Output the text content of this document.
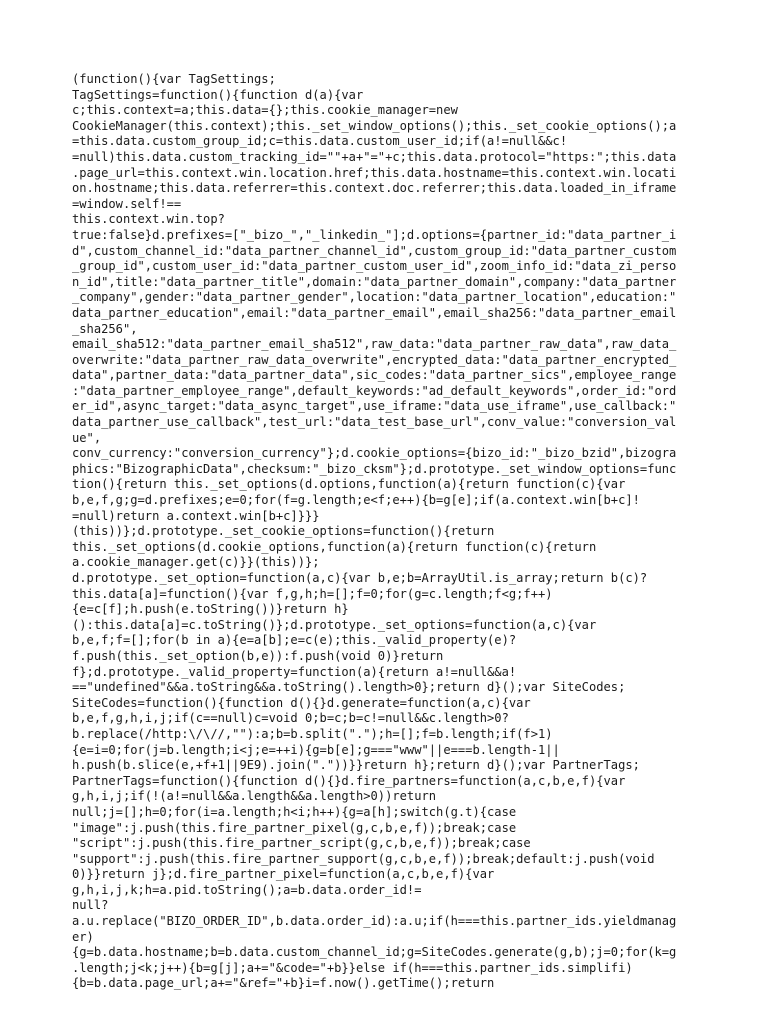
(function(){var TagSettings;
TagSettings=function(){function d(a){var
c;this.context=a;this.data={};this.cookie_manager=new
CookieManager(this.context);this._set_window_options();this._set_cookie_options();a
=this.data.custom_group_id;c=this.data.custom_user_id;if(a!=null&&c!
=null)this.data.custom_tracking_id=""+a+"="+c;this.data.protocol="https:";this.data
.page_url=this.context.win.location.href;this.data.hostname=this.context.win.locati
on.hostname;this.data.referrer=this.context.doc.referrer;this.data.loaded_in_iframe
=window.self!==
this.context.win.top?
true:false}d.prefixes=["_bizo_","_linkedin_"];d.options={partner_id:"data_partner_i
d",custom_channel_id:"data_partner_channel_id",custom_group_id:"data_partner_custom
_group_id",custom_user_id:"data_partner_custom_user_id",zoom_info_id:"data_zi_perso
n_id",title:"data_partner_title",domain:"data_partner_domain",company:"data_partner
_company",gender:"data_partner_gender",location:"data_partner_location",education:"
data_partner_education",email:"data_partner_email",email_sha256:"data_partner_email
_sha256",
email_sha512:"data_partner_email_sha512",raw_data:"data_partner_raw_data",raw_data_
overwrite:"data_partner_raw_data_overwrite",encrypted_data:"data_partner_encrypted_
data",partner_data:"data_partner_data",sic_codes:"data_partner_sics",employee_range
:"data_partner_employee_range",default_keywords:"ad_default_keywords",order_id:"ord
er_id",async_target:"data_async_target",use_iframe:"data_use_iframe",use_callback:"
data_partner_use_callback",test_url:"data_test_base_url",conv_value:"conversion_val
ue",
conv_currency:"conversion_currency"};d.cookie_options={bizo_id:"_bizo_bzid",bizogra
phics:"BizographicData",checksum:"_bizo_cksm"};d.prototype._set_window_options=func
tion(){return this._set_options(d.options,function(a){return function(c){var
b,e,f,g;g=d.prefixes;e=0;for(f=g.length;e<f;e++){b=g[e];if(a.context.win[b+c]!
=null)return a.context.win[b+c]}}}
(this))};d.prototype._set_cookie_options=function(){return
this._set_options(d.cookie_options,function(a){return function(c){return
a.cookie_manager.get(c)}}(this))};
d.prototype._set_option=function(a,c){var b,e;b=ArrayUtil.is_array;return b(c)?
this.data[a]=function(){var f,g,h;h=[];f=0;for(g=c.length;f<g;f++)
{e=c[f];h.push(e.toString())}return h}
():this.data[a]=c.toString()};d.prototype._set_options=function(a,c){var
b,e,f;f=[];for(b in a){e=a[b];e=c(e);this._valid_property(e)?
f.push(this._set_option(b,e)):f.push(void 0)}return
f};d.prototype._valid_property=function(a){return a!=null&&a!
=="undefined"&&a.toString&&a.toString().length>0};return d}();var SiteCodes;
SiteCodes=function(){function d(){}d.generate=function(a,c){var
b,e,f,g,h,i,j;if(c==null)c=void 0;b=c;b=c!=null&&c.length>0?
b.replace(/http:\/\//,""):a;b=b.split(".");h=[];f=b.length;if(f>1)
{e=i=0;for(j=b.length;i<j;e=++i){g=b[e];g==="www"||e===b.length-1||
h.push(b.slice(e,+f+1||9E9).join("."))}}return h};return d}();var PartnerTags;
PartnerTags=function(){function d(){}d.fire_partners=function(a,c,b,e,f){var
g,h,i,j;if(!(a!=null&&a.length&&a.length>0))return
null;j=[];h=0;for(i=a.length;h<i;h++){g=a[h];switch(g.t){case
"image":j.push(this.fire_partner_pixel(g,c,b,e,f));break;case
"script":j.push(this.fire_partner_script(g,c,b,e,f));break;case
"support":j.push(this.fire_partner_support(g,c,b,e,f));break;default:j.push(void
0)}}return j};d.fire_partner_pixel=function(a,c,b,e,f){var
g,h,i,j,k;h=a.pid.toString();a=b.data.order_id!=
null?
a.u.replace("BIZO_ORDER_ID",b.data.order_id):a.u;if(h===this.partner_ids.yieldmanag
er)
{g=b.data.hostname;b=b.data.custom_channel_id;g=SiteCodes.generate(g,b);j=0;for(k=g
.length;j<k;j++){b=g[j];a+="&code="+b}}else if(h===this.partner_ids.simplifi)
{b=b.data.page_url;a+="&ref="+b}i=f.now().getTime();return
